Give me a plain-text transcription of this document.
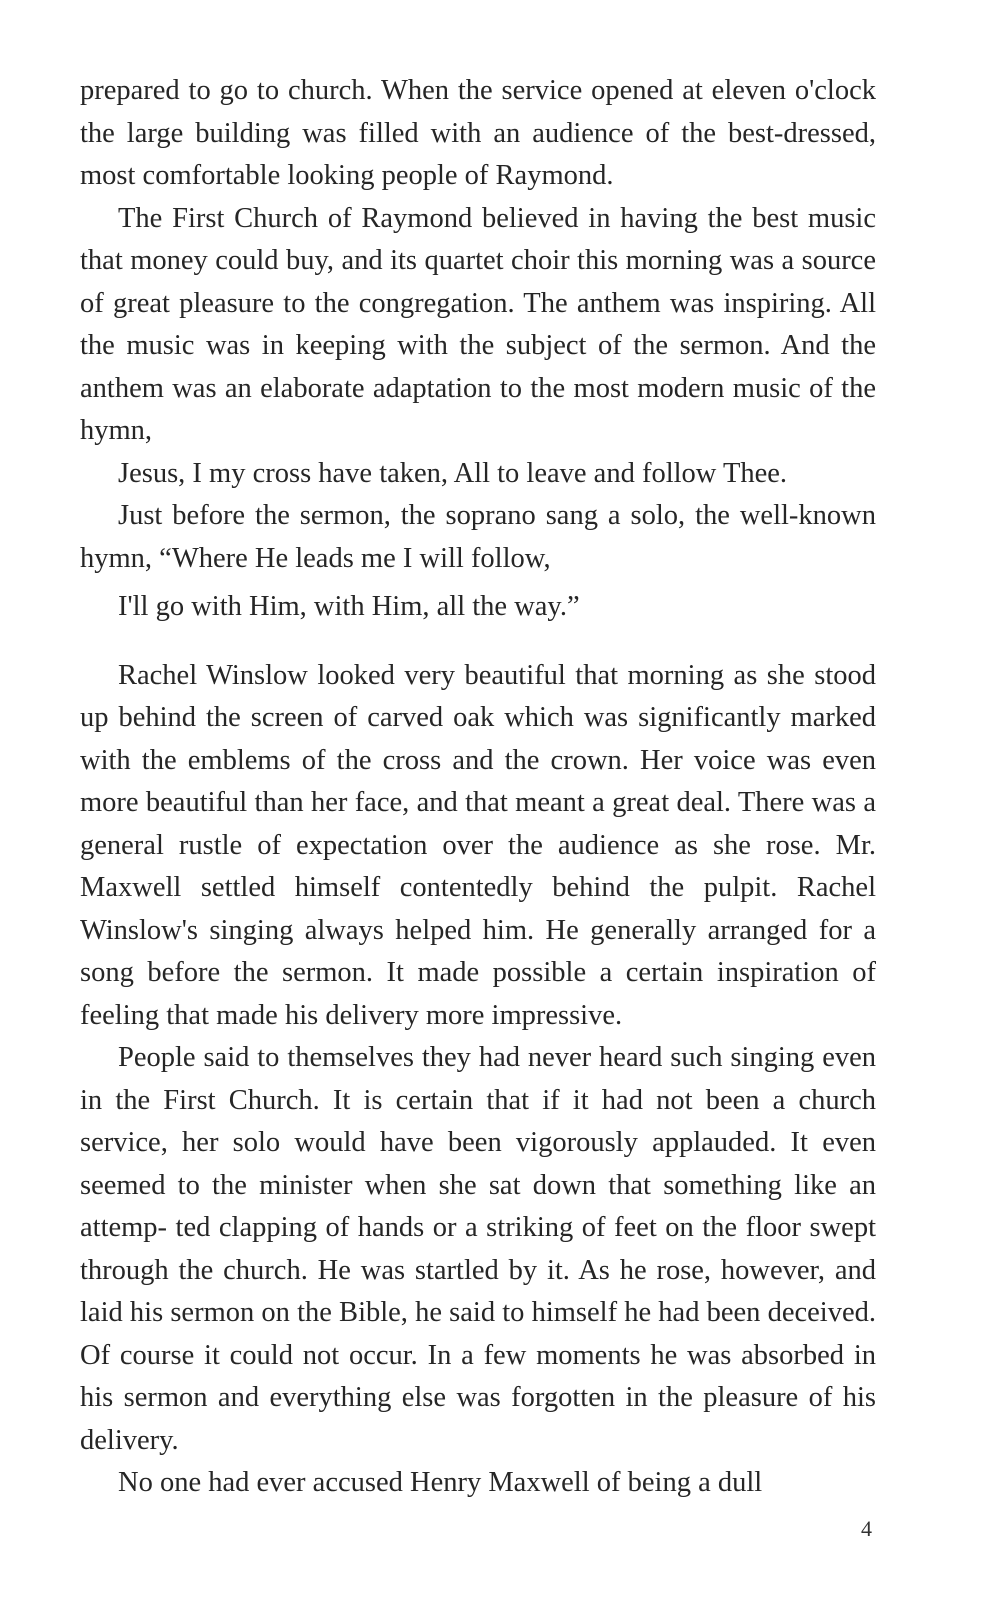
prepared to go to church. When the service opened at eleven o'clock the large building was filled with an audience of the best-dressed, most comfortable looking people of Raymond.

The First Church of Raymond believed in having the best music that money could buy, and its quartet choir this morning was a source of great pleasure to the congregation. The anthem was inspiring. All the music was in keeping with the subject of the sermon. And the anthem was an elaborate adaptation to the most modern music of the hymn,

Jesus, I my cross have taken, All to leave and follow Thee.

Just before the sermon, the soprano sang a solo, the well-known hymn, “Where He leads me I will follow,

I'll go with Him, with Him, all the way.”

Rachel Winslow looked very beautiful that morning as she stood up behind the screen of carved oak which was significantly marked with the emblems of the cross and the crown. Her voice was even more beautiful than her face, and that meant a great deal. There was a general rustle of expectation over the audience as she rose. Mr. Maxwell settled himself contentedly behind the pulpit. Rachel Winslow's singing always helped him. He generally arranged for a song before the sermon. It made possible a certain inspiration of feeling that made his delivery more impressive.

People said to themselves they had never heard such singing even in the First Church. It is certain that if it had not been a church service, her solo would have been vigorously applauded. It even seemed to the minister when she sat down that something like an attemp- ted clapping of hands or a striking of feet on the floor swept through the church. He was startled by it. As he rose, however, and laid his sermon on the Bible, he said to himself he had been deceived. Of course it could not occur. In a few moments he was absorbed in his sermon and everything else was forgotten in the pleasure of his delivery.

No one had ever accused Henry Maxwell of being a dull

4
